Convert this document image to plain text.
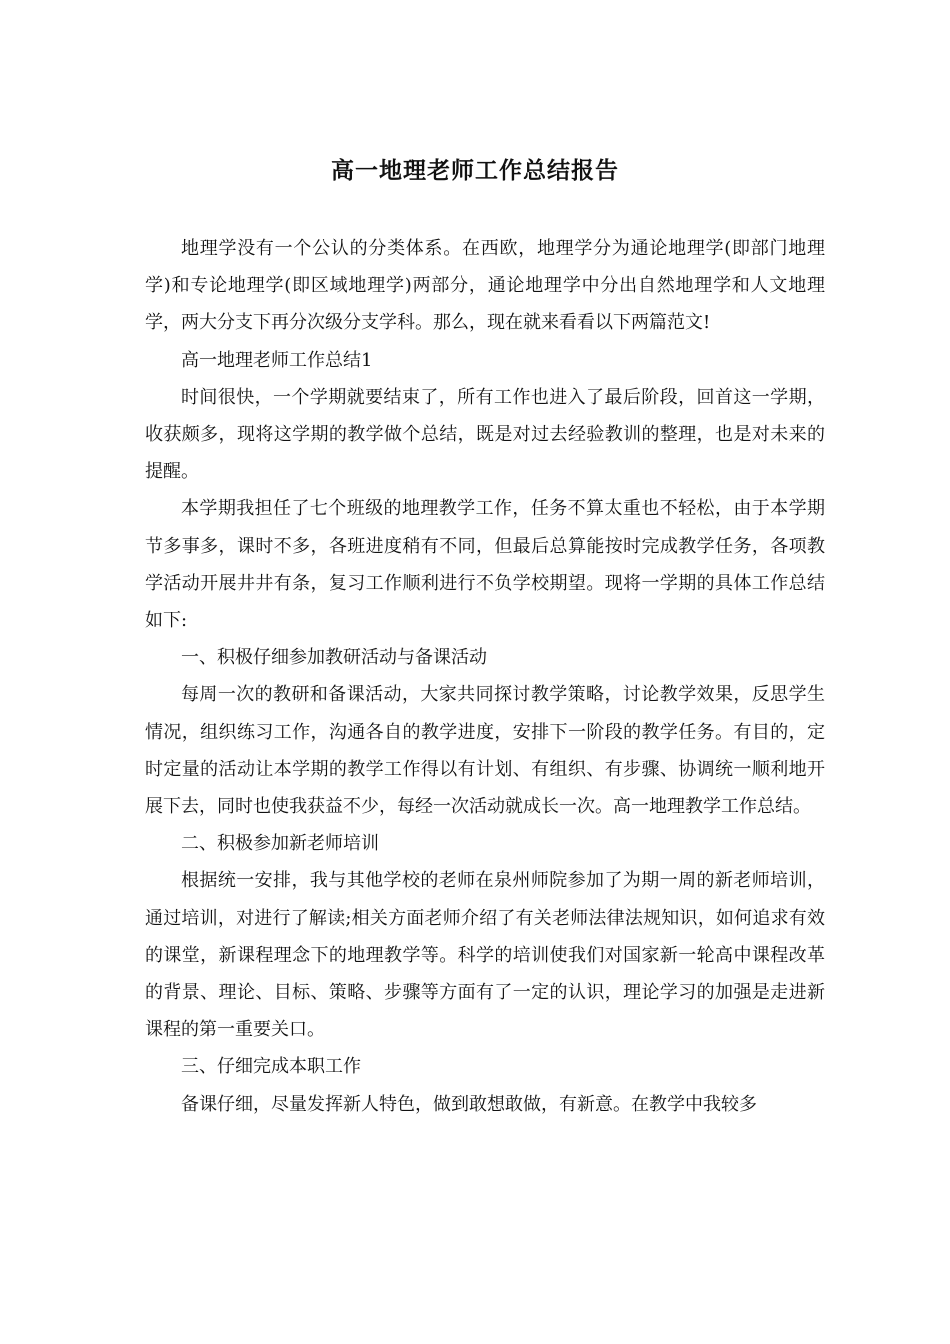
高一地理老师工作总结报告

地理学没有一个公认的分类体系。在西欧，地理学分为通论地理学(即部门地理学)和专论地理学(即区域地理学)两部分，通论地理学中分出自然地理学和人文地理学，两大分支下再分次级分支学科。那么，现在就来看看以下两篇范文!

高一地理老师工作总结1

时间很快，一个学期就要结束了，所有工作也进入了最后阶段，回首这一学期，收获颇多，现将这学期的教学做个总结，既是对过去经验教训的整理，也是对未来的提醒。

本学期我担任了七个班级的地理教学工作，任务不算太重也不轻松，由于本学期节多事多，课时不多，各班进度稍有不同，但最后总算能按时完成教学任务，各项教学活动开展井井有条，复习工作顺利进行不负学校期望。现将一学期的具体工作总结如下:

一、积极仔细参加教研活动与备课活动

每周一次的教研和备课活动，大家共同探讨教学策略，讨论教学效果，反思学生情况，组织练习工作，沟通各自的教学进度，安排下一阶段的教学任务。有目的，定时定量的活动让本学期的教学工作得以有计划、有组织、有步骤、协调统一顺利地开展下去，同时也使我获益不少，每经一次活动就成长一次。高一地理教学工作总结。

二、积极参加新老师培训

根据统一安排，我与其他学校的老师在泉州师院参加了为期一周的新老师培训，通过培训，对进行了解读;相关方面老师介绍了有关老师法律法规知识，如何追求有效的课堂，新课程理念下的地理教学等。科学的培训使我们对国家新一轮高中课程改革的背景、理论、目标、策略、步骤等方面有了一定的认识，理论学习的加强是走进新课程的第一重要关口。

三、仔细完成本职工作

备课仔细，尽量发挥新人特色，做到敢想敢做，有新意。在教学中我较多
